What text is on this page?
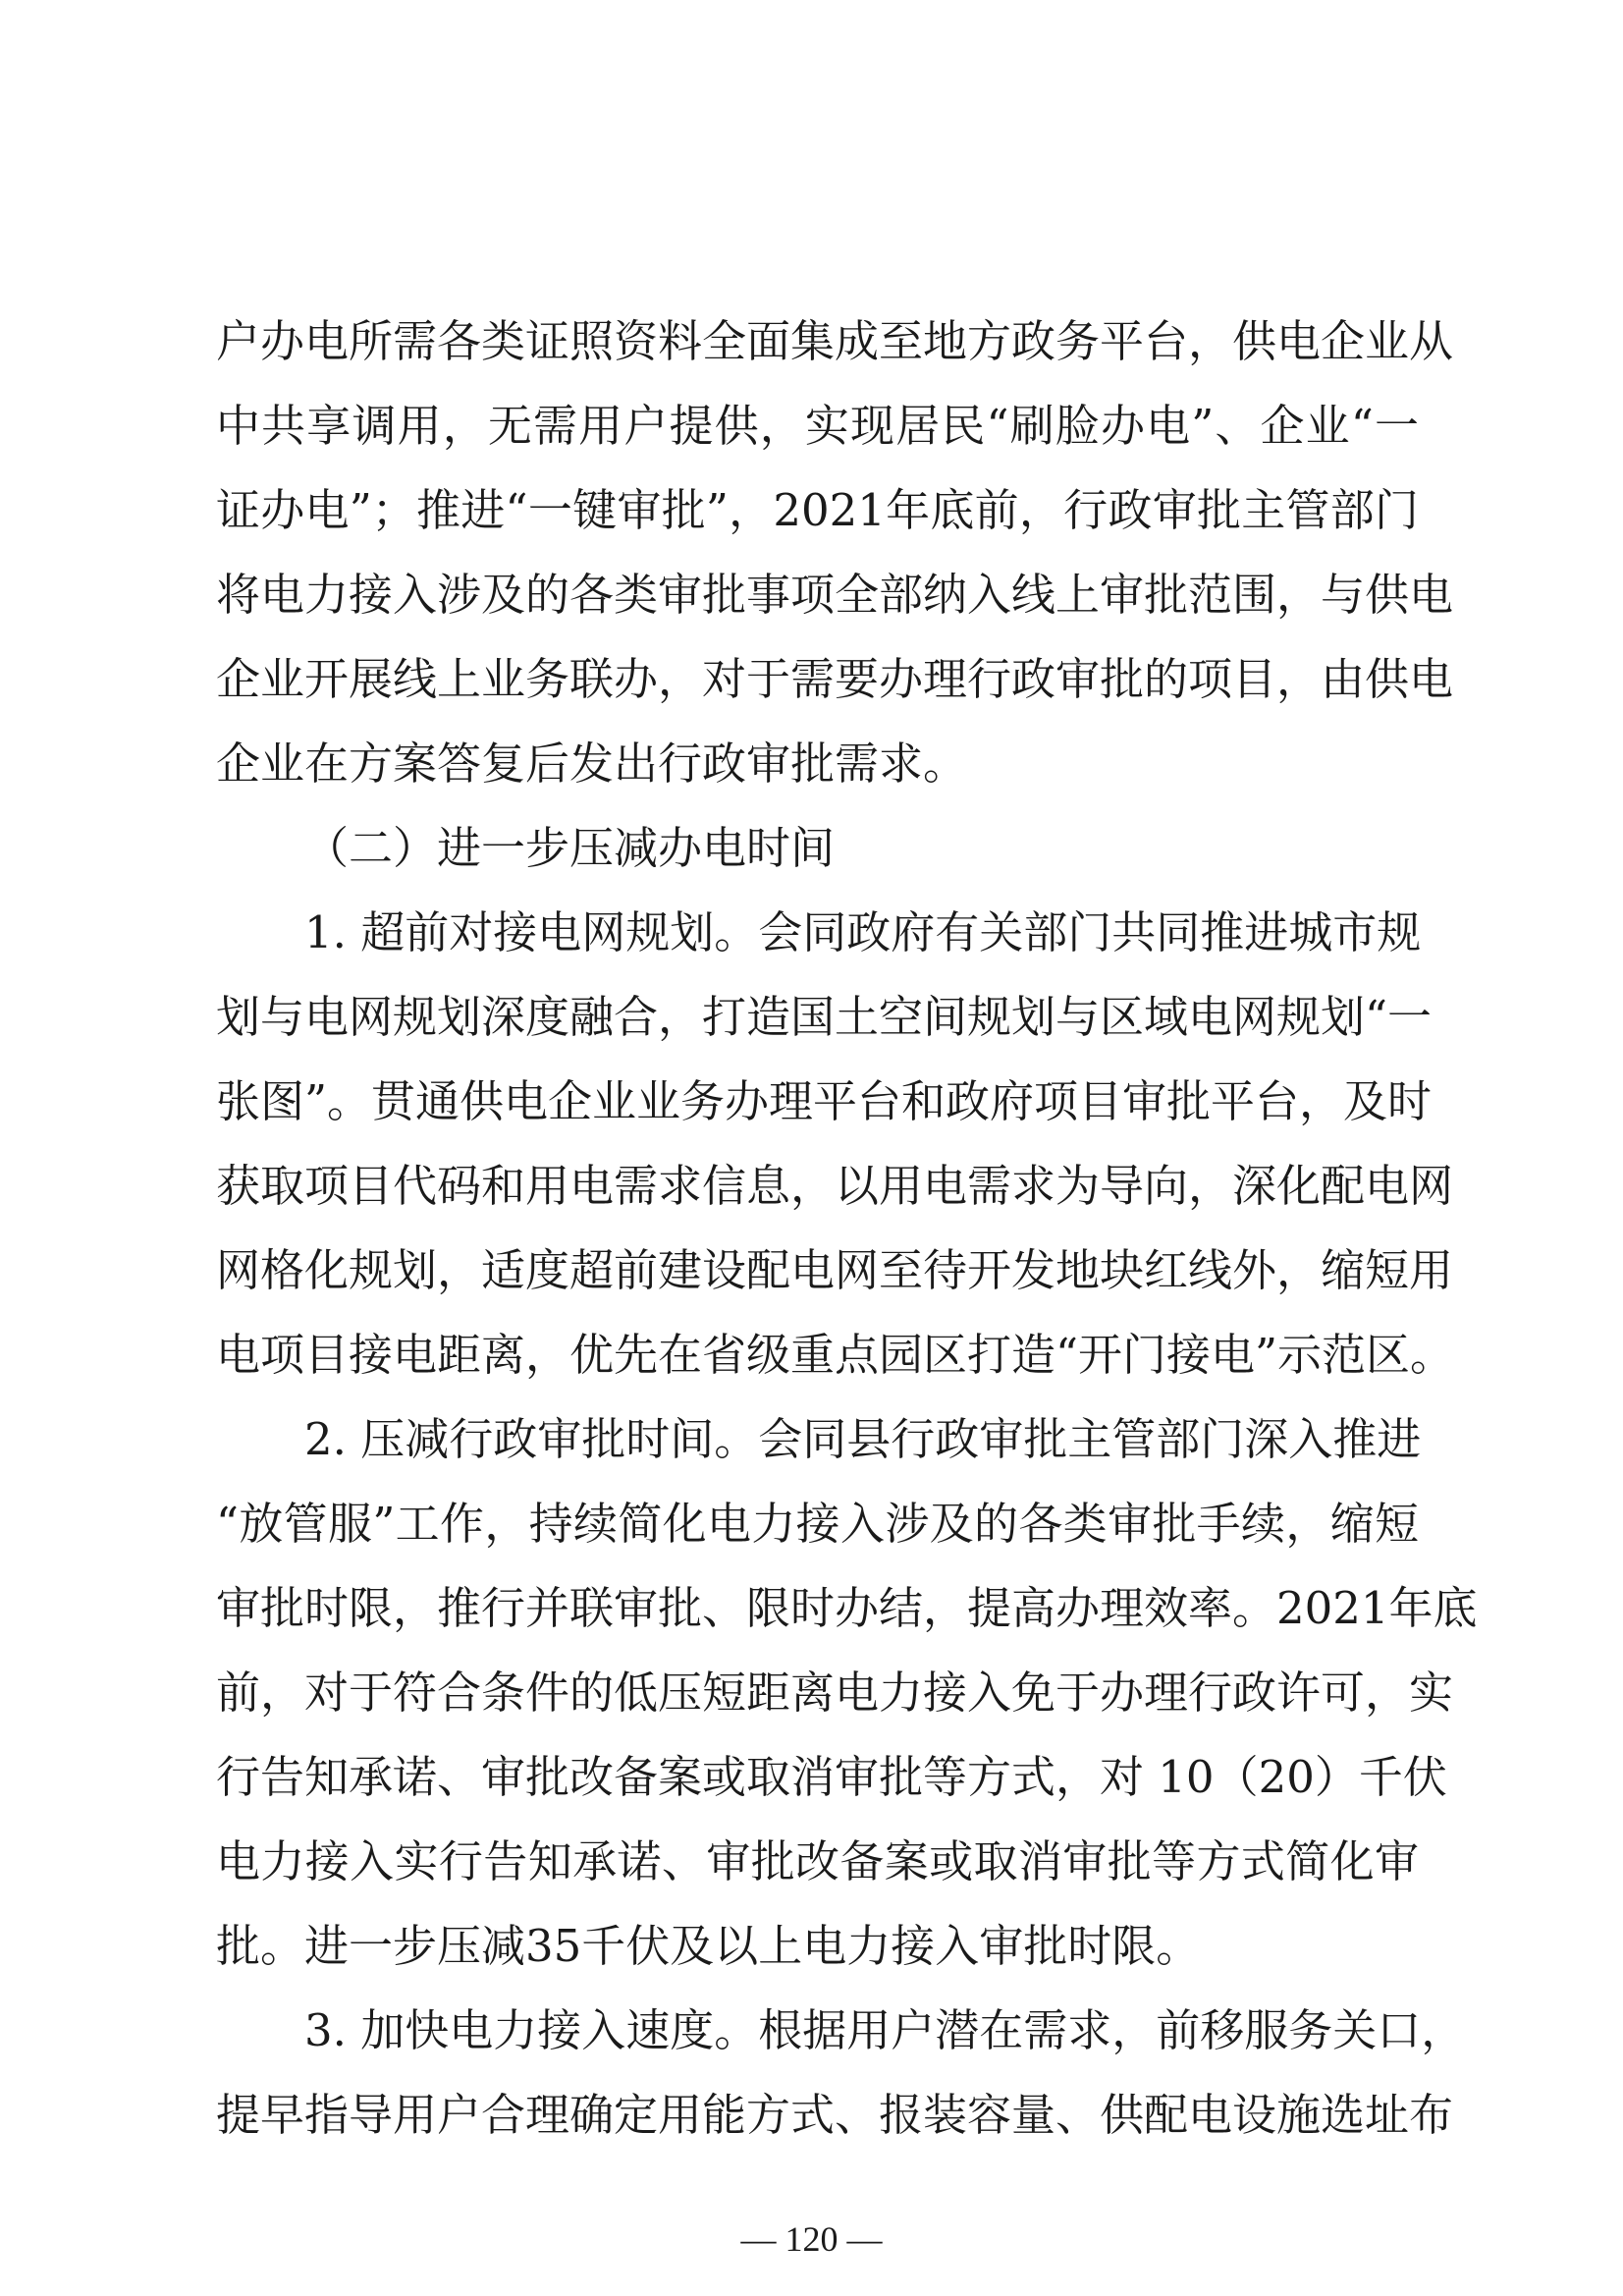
户办电所需各类证照资料全面集成至地方政务平台，供电企业从
中共享调用，无需用户提供，实现居民“刷脸办电”、企业“一
证办电”；推进“一键审批”，2021年底前，行政审批主管部门
将电力接入涉及的各类审批事项全部纳入线上审批范围，与供电
企业开展线上业务联办，对于需要办理行政审批的项目，由供电
企业在方案答复后发出行政审批需求。
（二）进一步压减办电时间
1. 超前对接电网规划。会同政府有关部门共同推进城市规
划与电网规划深度融合，打造国土空间规划与区域电网规划“一
张图”。贯通供电企业业务办理平台和政府项目审批平台，及时
获取项目代码和用电需求信息，以用电需求为导向，深化配电网
网格化规划，适度超前建设配电网至待开发地块红线外，缩短用
电项目接电距离，优先在省级重点园区打造“开门接电”示范区。
2. 压减行政审批时间。会同县行政审批主管部门深入推进
“放管服”工作，持续简化电力接入涉及的各类审批手续，缩短
审批时限，推行并联审批、限时办结，提高办理效率。2021年底
前，对于符合条件的低压短距离电力接入免于办理行政许可，实
行告知承诺、审批改备案或取消审批等方式，对 10（20）千伏
电力接入实行告知承诺、审批改备案或取消审批等方式简化审
批。进一步压减35千伏及以上电力接入审批时限。
3. 加快电力接入速度。根据用户潜在需求，前移服务关口，
提早指导用户合理确定用能方式、报装容量、供配电设施选址布
— 120 —
